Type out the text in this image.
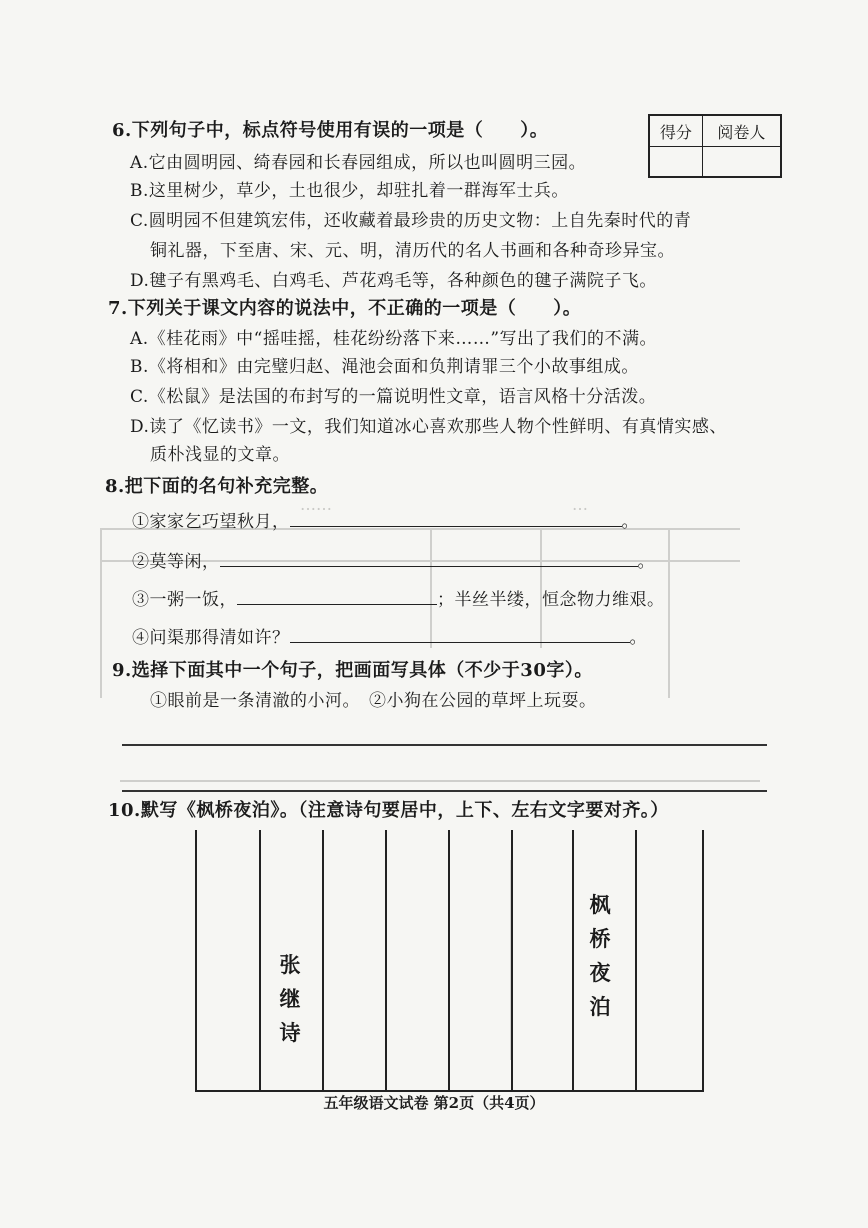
……　　　　　　　　　　　　　　　…
得分	阅卷人

6.下列句子中，标点符号使用有误的一项是（　　）。
A.它由圆明园、绮春园和长春园组成，所以也叫圆明三园。
B.这里树少，草少，土也很少，却驻扎着一群海军士兵。
C.圆明园不但建筑宏伟，还收藏着最珍贵的历史文物：上自先秦时代的青
铜礼器，下至唐、宋、元、明，清历代的名人书画和各种奇珍异宝。
D.毽子有黑鸡毛、白鸡毛、芦花鸡毛等，各种颜色的毽子满院子飞。
7.下列关于课文内容的说法中，不正确的一项是（　　）。
A.《桂花雨》中“摇哇摇，桂花纷纷落下来……”写出了我们的不满。
B.《将相和》由完璧归赵、渑池会面和负荆请罪三个小故事组成。
C.《松鼠》是法国的布封写的一篇说明性文章，语言风格十分活泼。
D.读了《忆读书》一文，我们知道冰心喜欢那些人物个性鲜明、有真情实感、
质朴浅显的文章。
8.把下面的名句补充完整。
①家家乞巧望秋月，	。
②莫等闲，	。
③一粥一饭，	；半丝半缕，恒念物力维艰。
④问渠那得清如许？	。
9.选择下面其中一个句子，把画面写具体（不少于30字）。
①眼前是一条清澈的小河。　②小狗在公园的草坪上玩耍。
10.默写《枫桥夜泊》。（注意诗句要居中，上下、左右文字要对齐。）
张
继
诗
枫
桥
夜
泊
五年级语文试卷 第2页（共4页）
